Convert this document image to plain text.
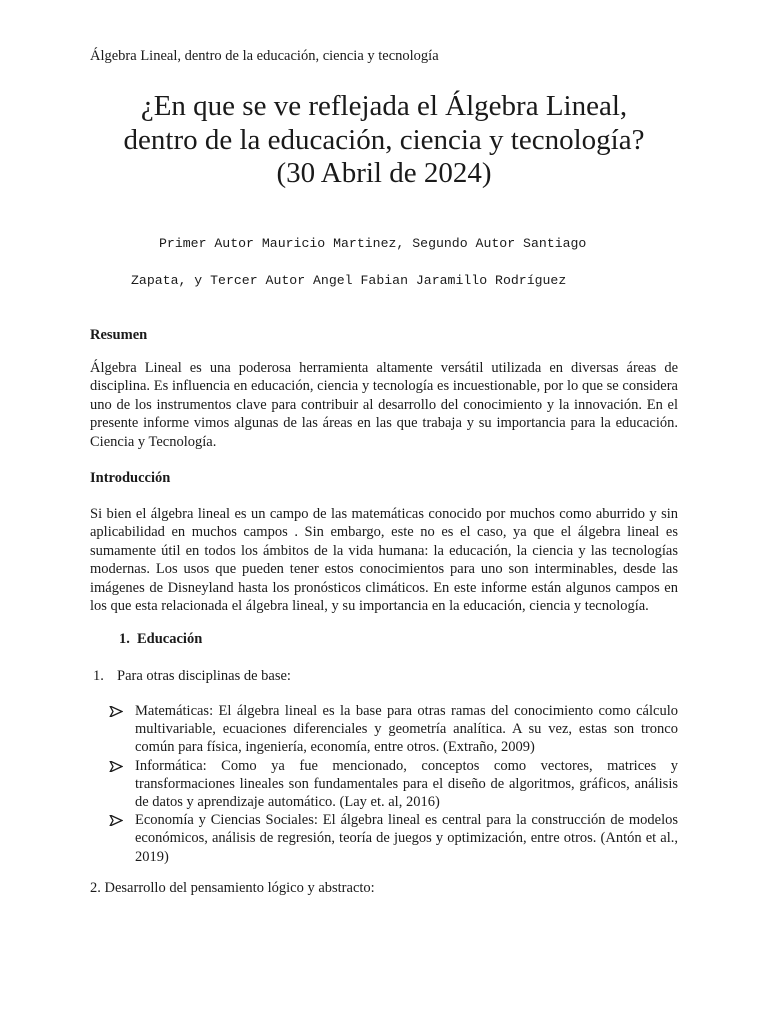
Álgebra Lineal, dentro de la educación, ciencia y tecnología
¿En que se ve reflejada el Álgebra Lineal,
dentro de la educación, ciencia y tecnología?
(30 Abril de 2024)
Primer Autor Mauricio Martinez, Segundo Autor Santiago
Zapata, y Tercer Autor Angel Fabian Jaramillo Rodríguez
Resumen

Álgebra Lineal es una poderosa herramienta altamente versátil utilizada en diversas áreas de disciplina. Es influencia en educación, ciencia y tecnología es incuestionable, por lo que se considera uno de los instrumentos clave para contribuir al desarrollo del conocimiento y la innovación. En el presente informe vimos algunas de las áreas en las que trabaja y su importancia para la educación. Ciencia y Tecnología.

Introducción

Si bien el álgebra lineal es un campo de las matemáticas conocido por muchos como aburrido y sin aplicabilidad en muchos campos . Sin embargo, este no es el caso, ya que el álgebra lineal es sumamente útil en todos los ámbitos de la vida humana: la educación, la ciencia y las tecnologías modernas. Los usos que pueden tener estos conocimientos para uno son interminables, desde las imágenes de Disneyland hasta los pronósticos climáticos. En este informe están algunos campos en los que esta relacionada el álgebra lineal, y su importancia en la educación, ciencia y tecnología.

1. Educación
1. Para otras disciplinas de base:
Matemáticas: El álgebra lineal es la base para otras ramas del conocimiento como cálculo multivariable, ecuaciones diferenciales y geometría analítica. A su vez, estas son tronco común para física, ingeniería, economía, entre otros. (Extraño, 2009)
Informática: Como ya fue mencionado, conceptos como vectores, matrices y transformaciones lineales son fundamentales para el diseño de algoritmos, gráficos, análisis de datos y aprendizaje automático. (Lay et. al, 2016)
Economía y Ciencias Sociales: El álgebra lineal es central para la construcción de modelos económicos, análisis de regresión, teoría de juegos y optimización, entre otros. (Antón et al., 2019)
2. Desarrollo del pensamiento lógico y abstracto:
